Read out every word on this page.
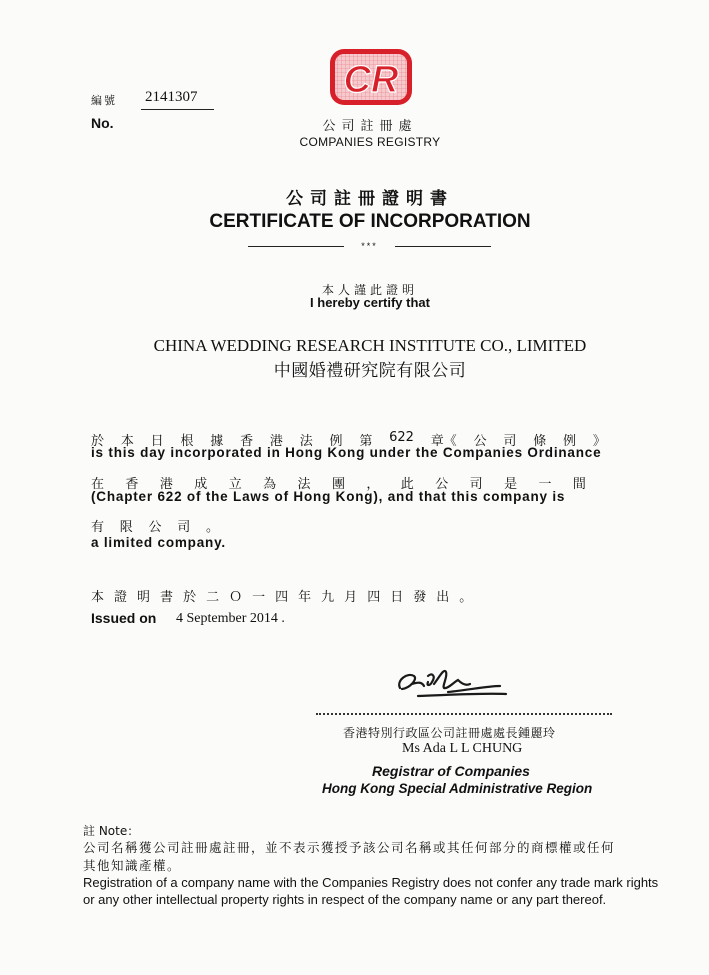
編號 2141307
No.
CR
公司註冊處
COMPANIES REGISTRY
公司註冊證明書
CERTIFICATE OF INCORPORATION
***
本人謹此證明
I hereby certify that
CHINA WEDDING RESEARCH INSTITUTE CO., LIMITED
中國婚禮研究院有限公司
於 本 日 根 據 香 港 法 例 第 622 章《 公 司 條 例 》
is this day incorporated in Hong Kong under the Companies Ordinance
在 香 港 成 立 為 法 團 ， 此 公 司 是 一 間
(Chapter 622 of the Laws of Hong Kong), and that this company is
有 限 公 司 。
a limited company.
本 證 明 書 於 二 Ｏ 一 四 年 九 月 四 日 發 出 。
Issued on 4 September 2014 .
香港特別行政區公司註冊處處長鍾麗玲
Ms Ada L L CHUNG
Registrar of Companies
Hong Kong Special Administrative Region
註 Note：
公司名稱獲公司註冊處註冊，並不表示獲授予該公司名稱或其任何部分的商標權或任何
其他知識產權。
Registration of a company name with the Companies Registry does not confer any trade mark rights
or any other intellectual property rights in respect of the company name or any part thereof.
